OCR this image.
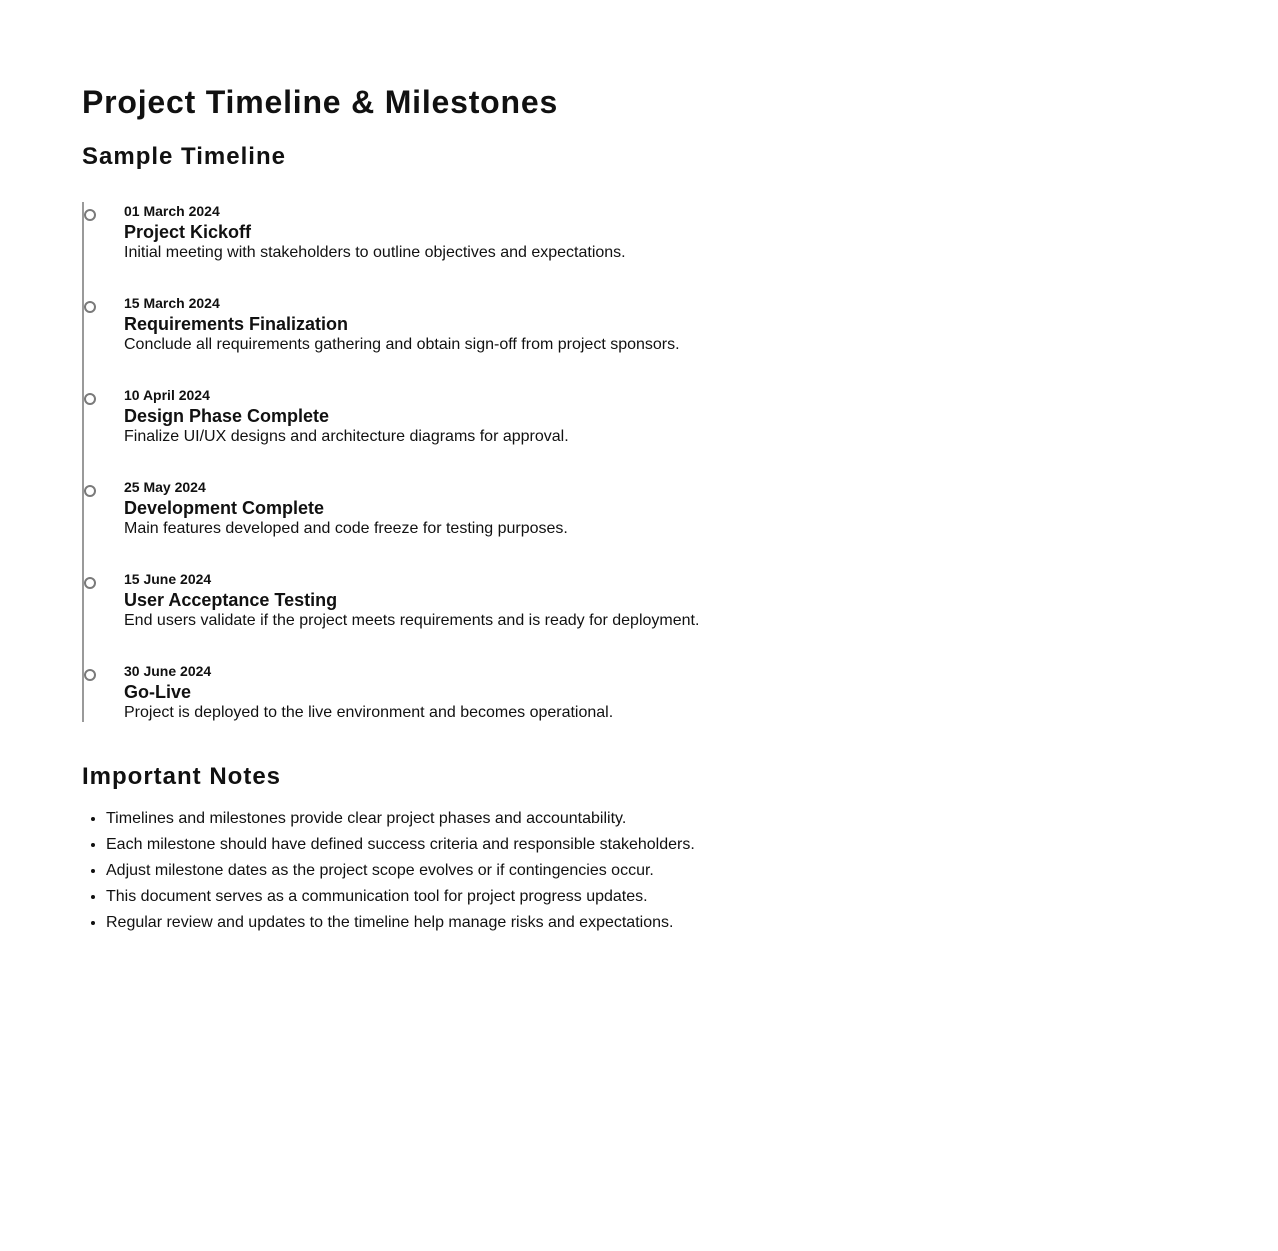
Project Timeline & Milestones
Sample Timeline
01 March 2024
Project Kickoff
Initial meeting with stakeholders to outline objectives and expectations.
15 March 2024
Requirements Finalization
Conclude all requirements gathering and obtain sign-off from project sponsors.
10 April 2024
Design Phase Complete
Finalize UI/UX designs and architecture diagrams for approval.
25 May 2024
Development Complete
Main features developed and code freeze for testing purposes.
15 June 2024
User Acceptance Testing
End users validate if the project meets requirements and is ready for deployment.
30 June 2024
Go-Live
Project is deployed to the live environment and becomes operational.
Important Notes
• Timelines and milestones provide clear project phases and accountability.
• Each milestone should have defined success criteria and responsible stakeholders.
• Adjust milestone dates as the project scope evolves or if contingencies occur.
• This document serves as a communication tool for project progress updates.
• Regular review and updates to the timeline help manage risks and expectations.
